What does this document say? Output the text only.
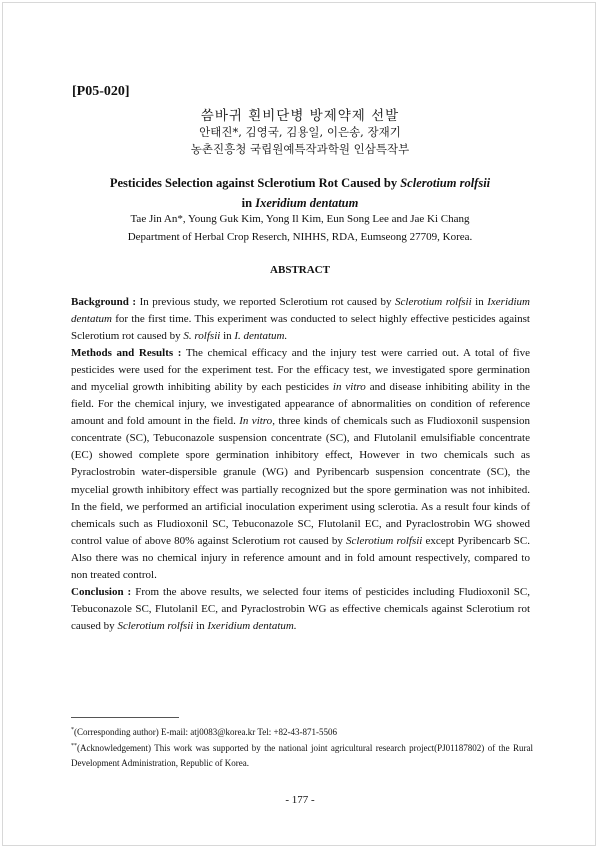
[P05-020]
씀바귀 흰비단병 방제약제 선발
안태진*, 김영국, 김용일, 이은송, 장재기
농촌진흥청 국립원예특작과학원 인삼특작부
Pesticides Selection against Sclerotium Rot Caused by Sclerotium rolfsii
in Ixeridium dentatum
Tae Jin An*, Young Guk Kim, Yong Il Kim, Eun Song Lee and Jae Ki Chang
Department of Herbal Crop Reserch, NIHHS, RDA, Eumseong 27709, Korea.
ABSTRACT

Background : In previous study, we reported Sclerotium rot caused by Sclerotium rolfsii in Ixeridium dentatum for the first time. This experiment was conducted to select highly effective pesticides against Sclerotium rot caused by S. rolfsii in I. dentatum.

Methods and Results : The chemical efficacy and the injury test were carried out. A total of five pesticides were used for the experiment test. For the efficacy test, we investigated spore germination and mycelial growth inhibiting ability by each pesticides in vitro and disease inhibiting ability in the field. For the chemical injury, we investigated appearance of abnormalities on condition of reference amount and fold amount in the field. In vitro, three kinds of chemicals such as Fludioxonil suspension concentrate (SC), Tebuconazole suspension concentrate (SC), and Flutolanil emulsifiable concentrate (EC) showed complete spore germination inhibitory effect, However in two chemicals such as Pyraclostrobin water-dispersible granule (WG) and Pyribencarb suspension concentrate (SC), the mycelial growth inhibitory effect was partially recognized but the spore germination was not inhibited. In the field, we performed an artificial inoculation experiment using sclerotia. As a result four kinds of chemicals such as Fludioxonil SC, Tebuconazole SC, Flutolanil EC, and Pyraclostrobin WG showed control value of above 80% against Sclerotium rot caused by Sclerotium rolfsii except Pyribencarb SC. Also there was no chemical injury in reference amount and in fold amount respectively, compared to non treated control.

Conclusion : From the above results, we selected four items of pesticides including Fludioxonil SC, Tebuconazole SC, Flutolanil EC, and Pyraclostrobin WG as effective chemicals against Sclerotium rot caused by Sclerotium rolfsii in Ixeridium dentatum.

*(Corresponding author) E-mail: atj0083@korea.kr Tel: +82-43-871-5506
**(Acknowledgement) This work was supported by the national joint agricultural research project(PJ01187802) of the Rural Development Administration, Republic of Korea.
- 177 -
